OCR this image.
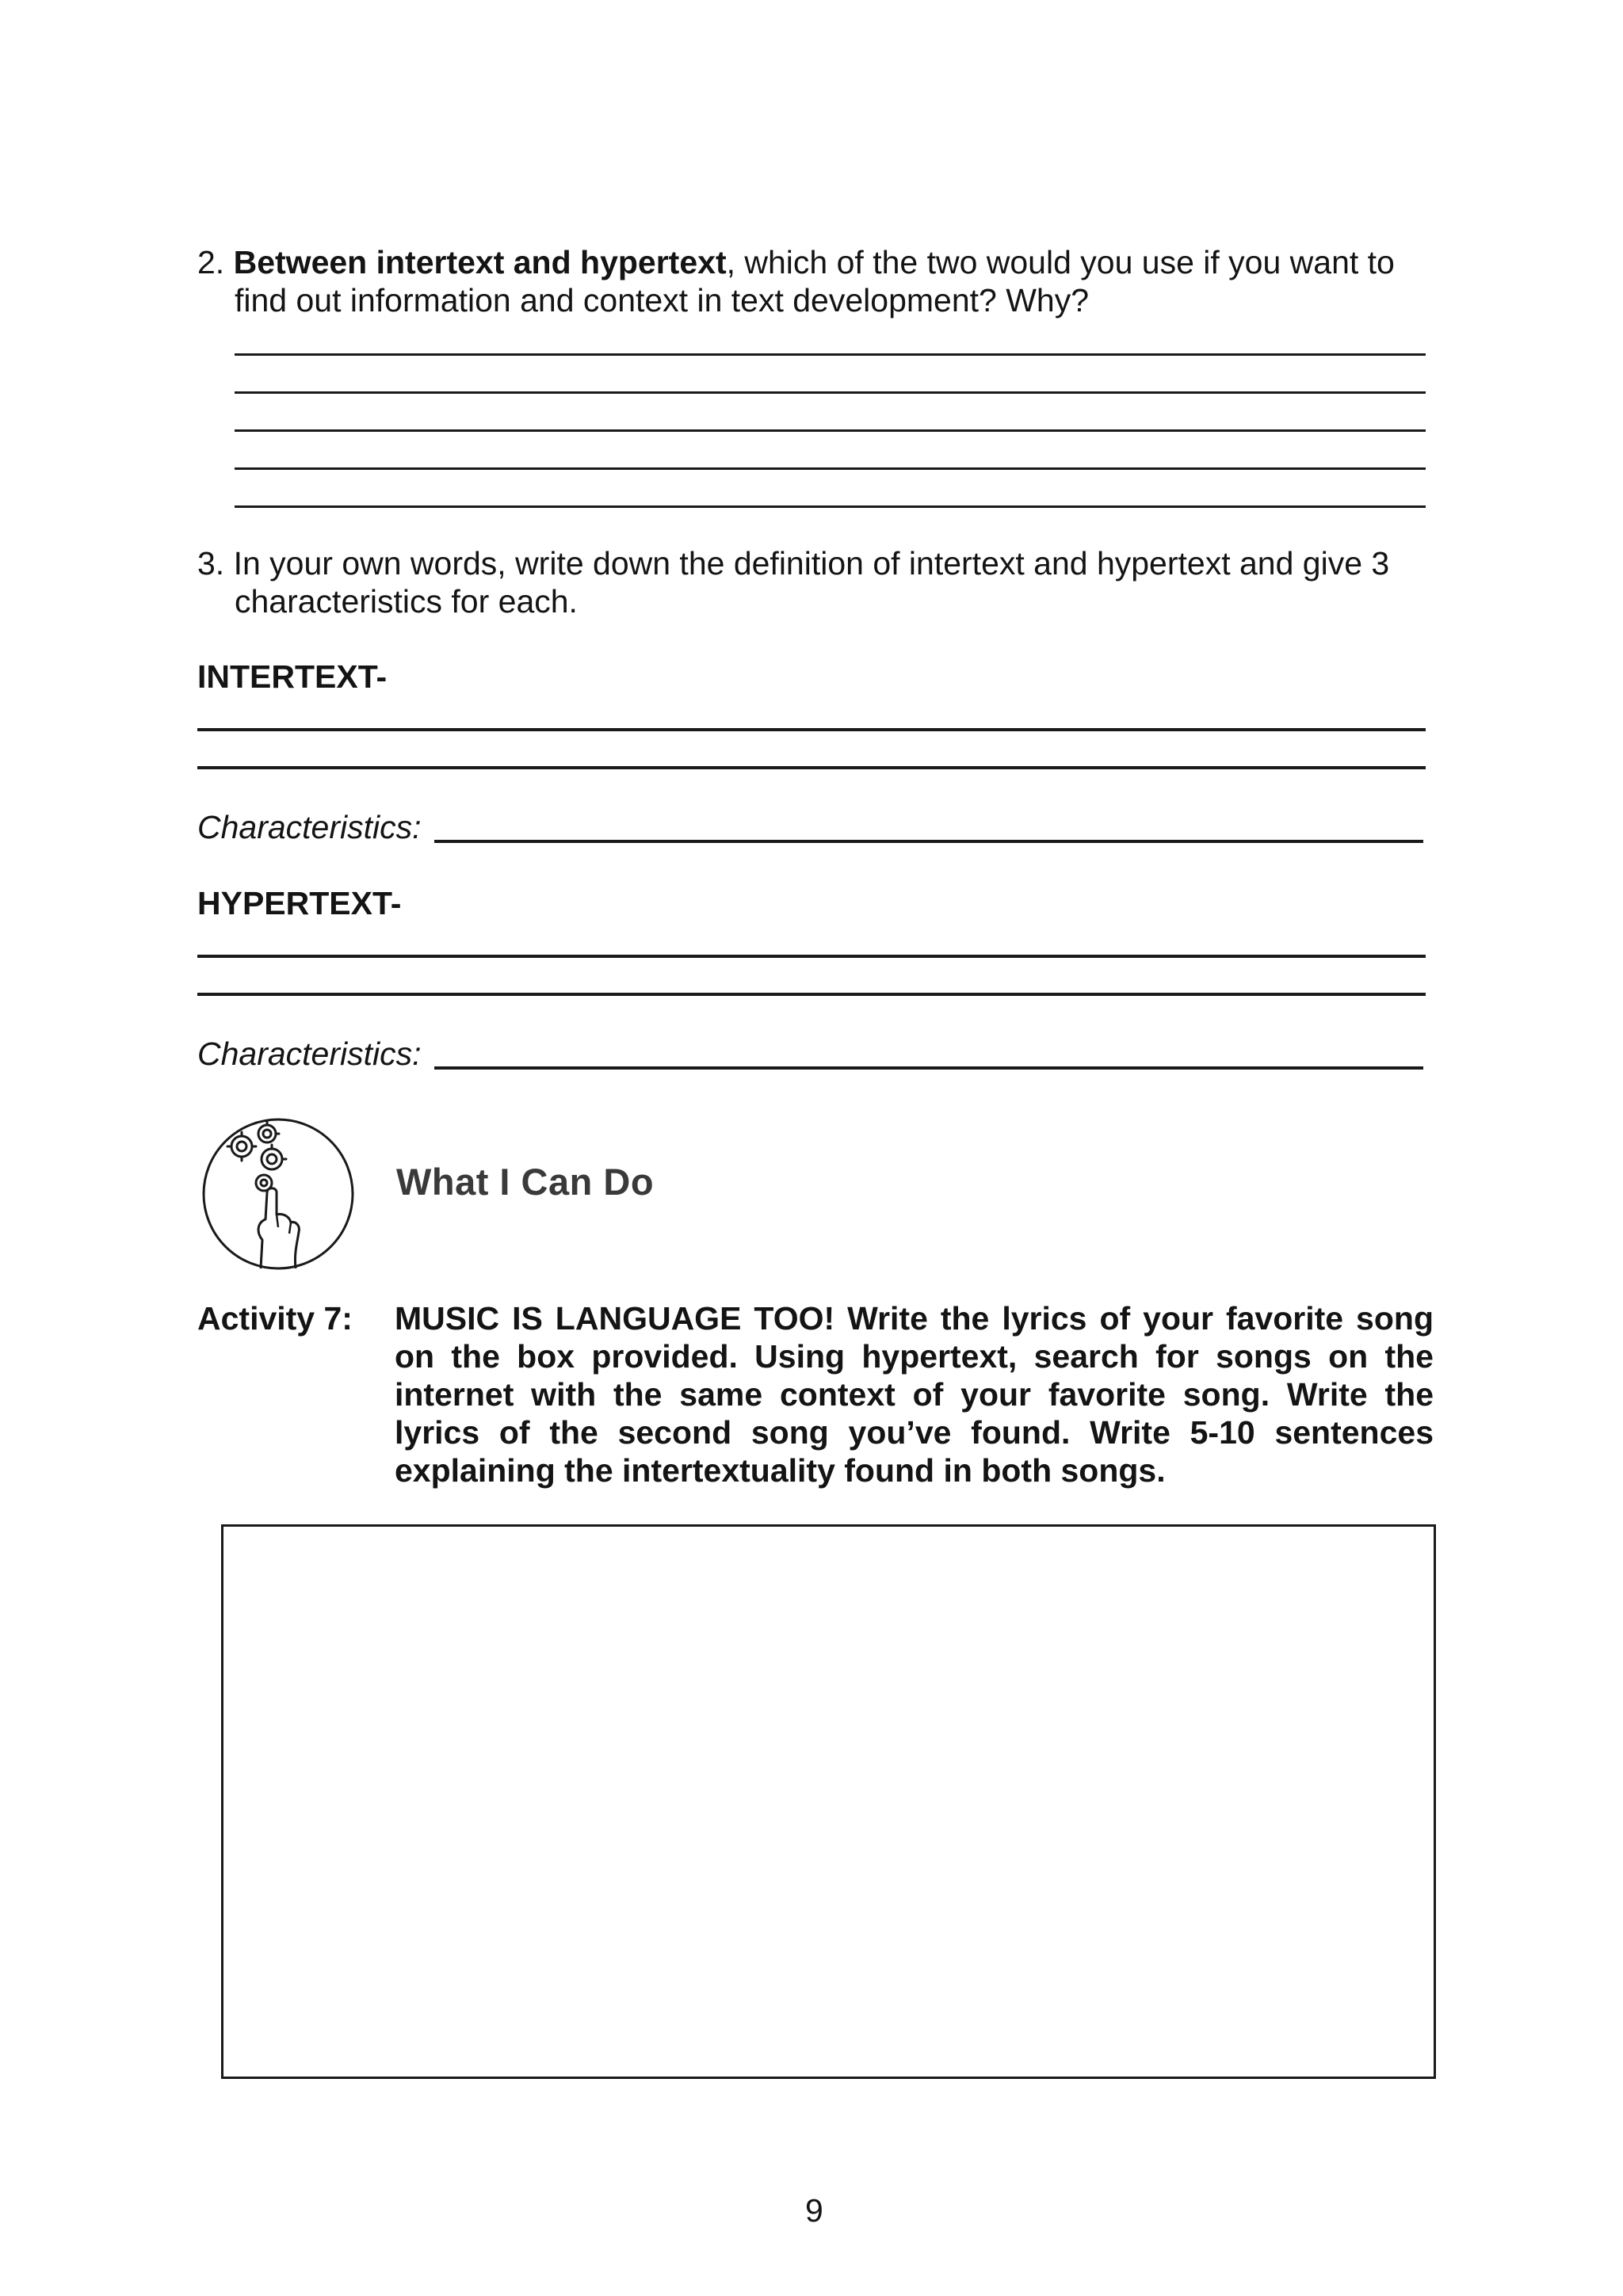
2. Between intertext and hypertext, which of the two would you use if you want to
find out information and context in text development? Why?
3. In your own words, write down the definition of intertext and hypertext and give 3
characteristics for each.
INTERTEXT-
Characteristics:
HYPERTEXT-
Characteristics:
What I Can Do
Activity 7: MUSIC IS LANGUAGE TOO! Write the lyrics of your favorite song on the box provided. Using hypertext, search for songs on the internet with the same context of your favorite song. Write the lyrics of the second song you’ve found. Write 5-10 sentences explaining the intertextuality found in both songs.
9
